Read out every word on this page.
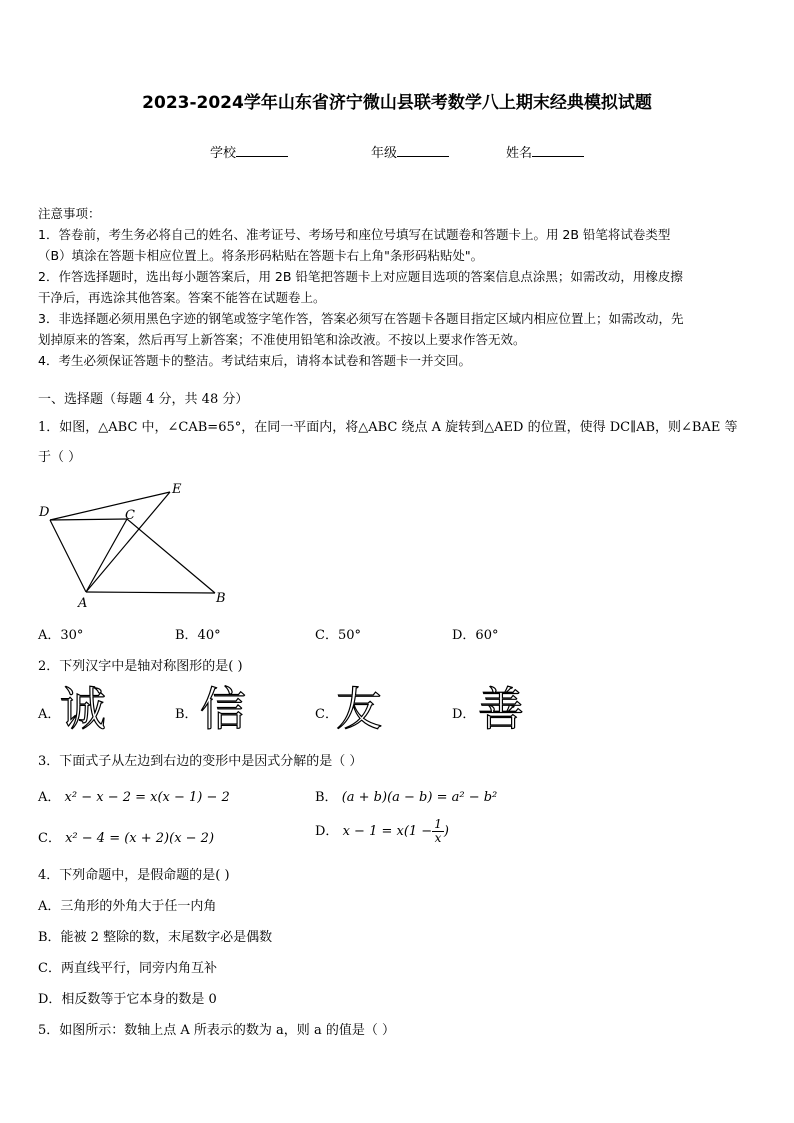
2023-2024学年山东省济宁微山县联考数学八上期末经典模拟试题
学校	年级	姓名

注意事项：

1．答卷前，考生务必将自己的姓名、准考证号、考场号和座位号填写在试题卷和答题卡上。用 2B 铅笔将试卷类型

（B）填涂在答题卡相应位置上。将条形码粘贴在答题卡右上角"条形码粘贴处"。

2．作答选择题时，选出每小题答案后，用 2B 铅笔把答题卡上对应题目选项的答案信息点涂黑；如需改动，用橡皮擦

干净后，再选涂其他答案。答案不能答在试题卷上。

3．非选择题必须用黑色字迹的钢笔或签字笔作答，答案必须写在答题卡各题目指定区域内相应位置上；如需改动，先

划掉原来的答案，然后再写上新答案；不准使用铅笔和涂改液。不按以上要求作答无效。

4．考生必须保证答题卡的整洁。考试结束后，请将本试卷和答题卡一并交回。

一、选择题（每题 4 分，共 48 分）
1．如图，△ABC 中，∠CAB=65°，在同一平面内，将△ABC 绕点 A 旋转到△AED 的位置，使得 DC∥AB，则∠BAE 等
于（ ）
D
E
C
A	B
A．30°	B．40°	C．50°	D．60°
2．下列汉字中是轴对称图形的是( )
A． 诚	B． 信	C．
友	D． 善
3．下面式子从左边到右边的变形中是因式分解的是（ ）
A． x² − x − 2 = x(x − 1) − 2	B． (a + b)(a − b) = a² − b²
C． x² − 4 = (x + 2)(x − 2)	D． $x - 1 = x(1 - \frac{1}{x}$ )
4．下列命题中，是假命题的是( )
A．三角形的外角大于任一内角
B．能被 2 整除的数，末尾数字必是偶数
C．两直线平行，同旁内角互补
D．相反数等于它本身的数是 0
5．如图所示：数轴上点 A 所表示的数为 a，则 a 的值是（ ）
